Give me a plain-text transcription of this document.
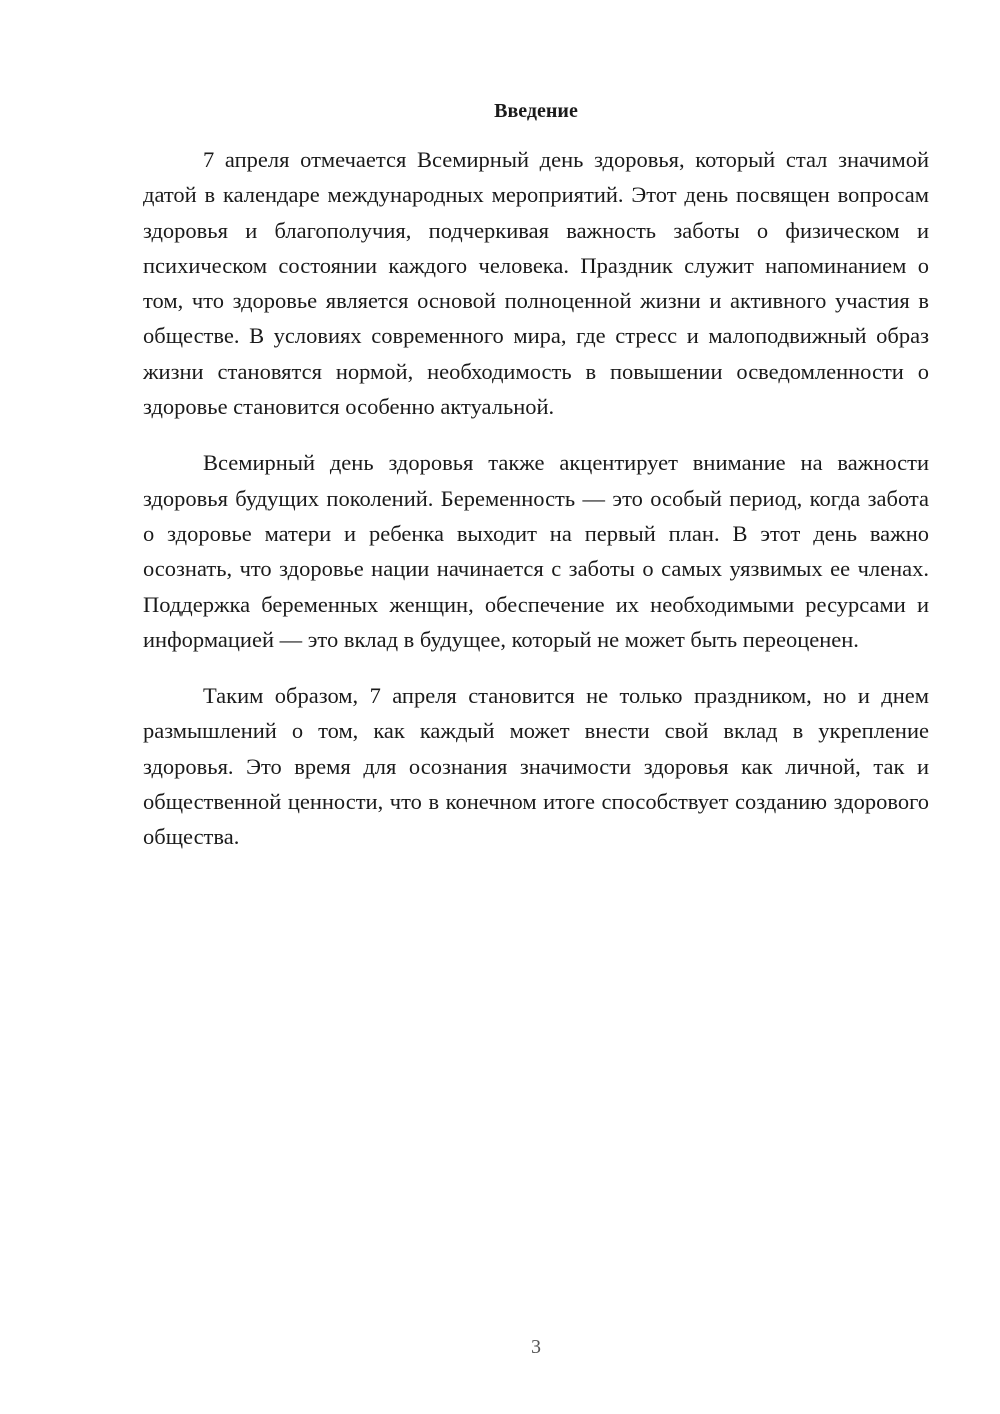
Введение

7 апреля отмечается Всемирный день здоровья, который стал значимой датой в календаре международных мероприятий. Этот день посвящен вопросам здоровья и благополучия, подчеркивая важность заботы о физическом и психическом состоянии каждого человека. Праздник служит напоминанием о том, что здоровье является основой полноценной жизни и активного участия в обществе. В условиях современного мира, где стресс и малоподвижный образ жизни становятся нормой, необходимость в повышении осведомленности о здоровье становится особенно актуальной.

Всемирный день здоровья также акцентирует внимание на важности здоровья будущих поколений. Беременность — это особый период, когда забота о здоровье матери и ребенка выходит на первый план. В этот день важно осознать, что здоровье нации начинается с заботы о самых уязвимых ее членах. Поддержка беременных женщин, обеспечение их необходимыми ресурсами и информацией — это вклад в будущее, который не может быть переоценен.

Таким образом, 7 апреля становится не только праздником, но и днем размышлений о том, как каждый может внести свой вклад в укрепление здоровья. Это время для осознания значимости здоровья как личной, так и общественной ценности, что в конечном итоге способствует созданию здорового общества.

3
